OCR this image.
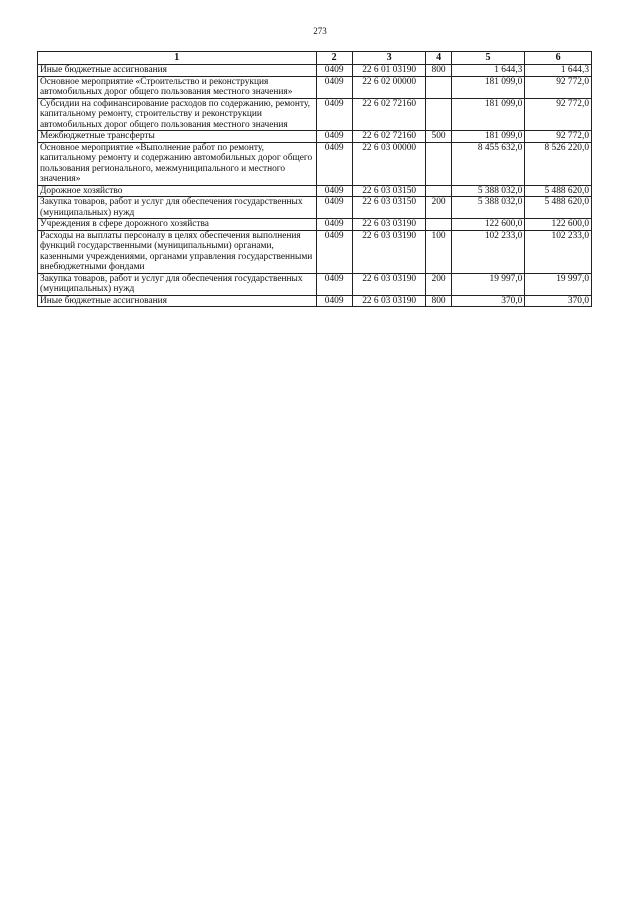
273
1	2	3	4	5	6
Иные бюджетные ассигнования	0409	22 6 01 03190	800	1 644,3	1 644,3
Основное мероприятие «Строительство и реконструкция автомобильных дорог общего пользования местного значения»	0409	22 6 02 00000		181 099,0	92 772,0
Субсидии на софинансирование расходов по содержанию, ремонту, капитальному ремонту, строительству и реконструкции автомобильных дорог общего пользования местного значения	0409	22 6 02 72160		181 099,0	92 772,0
Межбюджетные трансферты	0409	22 6 02 72160	500	181 099,0	92 772,0
Основное мероприятие «Выполнение работ по ремонту, капитальному ремонту и содержанию автомобильных дорог общего пользования регионального, межмуниципального и местного значения»	0409	22 6 03 00000		8 455 632,0	8 526 220,0
Дорожное хозяйство	0409	22 6 03 03150		5 388 032,0	5 488 620,0
Закупка товаров, работ и услуг для обеспечения государственных (муниципальных) нужд	0409	22 6 03 03150	200	5 388 032,0	5 488 620,0
Учреждения в сфере дорожного хозяйства	0409	22 6 03 03190		122 600,0	122 600,0
Расходы на выплаты персоналу в целях обеспечения выполнения функций государственными (муниципальными) органами, казенными учреждениями, органами управления государственными внебюджетными фондами	0409	22 6 03 03190	100	102 233,0	102 233,0
Закупка товаров, работ и услуг для обеспечения государственных (муниципальных) нужд	0409	22 6 03 03190	200	19 997,0	19 997,0
Иные бюджетные ассигнования	0409	22 6 03 03190	800	370,0	370,0
